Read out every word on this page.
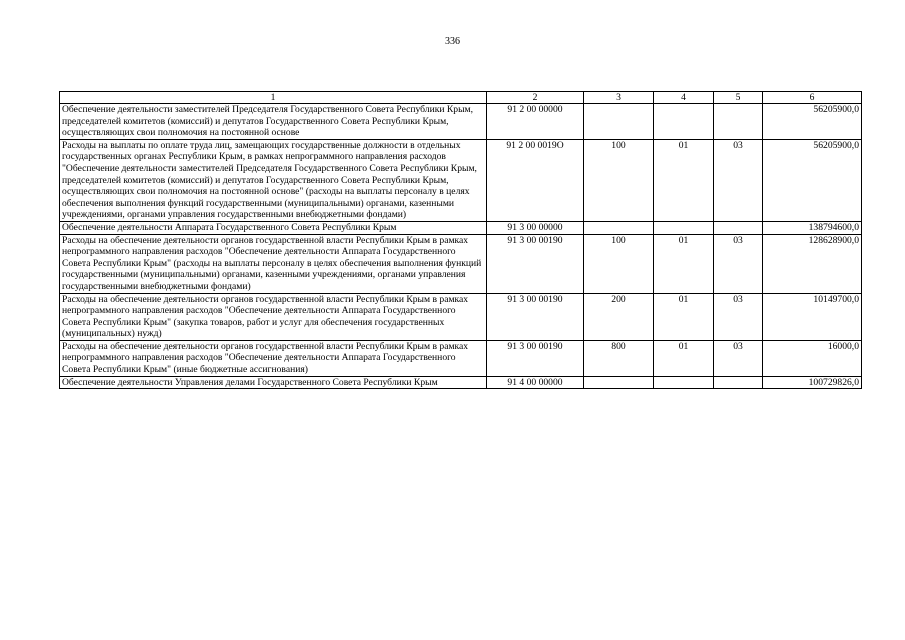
336
1	2	3	4	5	6
Обеспечение деятельности заместителей Председателя Государственного Совета Республики Крым, председателей комитетов (комиссий) и депутатов Государственного Совета Республики Крым, осуществляющих свои полномочия на постоянной основе	91 2 00 00000				56205900,0
Расходы на выплаты по оплате труда лиц, замещающих государственные должности в отдельных государственных органах Республики Крым, в рамках непрограммного направления расходов "Обеспечение деятельности заместителей Председателя Государственного Совета Республики Крым, председателей комитетов (комиссий) и депутатов Государственного Совета Республики Крым, осуществляющих свои полномочия на постоянной основе" (расходы на выплаты персоналу в целях обеспечения выполнения функций государственными (муниципальными) органами, казенными учреждениями, органами управления государственными внебюджетными фондами)	91 2 00 0019O	100	01	03	56205900,0
Обеспечение деятельности Аппарата Государственного Совета Республики Крым	91 3 00 00000				138794600,0
Расходы на обеспечение деятельности органов государственной власти Республики Крым в рамках непрограммного направления расходов "Обеспечение деятельности Аппарата Государственного Совета Республики Крым" (расходы на выплаты персоналу в целях обеспечения выполнения функций государственными (муниципальными) органами, казенными учреждениями, органами управления государственными внебюджетными фондами)	91 3 00 00190	100	01	03	128628900,0
Расходы на обеспечение деятельности органов государственной власти Республики Крым в рамках непрограммного направления расходов "Обеспечение деятельности Аппарата Государственного Совета Республики Крым" (закупка товаров, работ и услуг для обеспечения государственных (муниципальных) нужд)	91 3 00 00190	200	01	03	10149700,0
Расходы на обеспечение деятельности органов государственной власти Республики Крым в рамках непрограммного направления расходов "Обеспечение деятельности Аппарата Государственного Совета Республики Крым" (иные бюджетные ассигнования)	91 3 00 00190	800	01	03	16000,0
Обеспечение деятельности Управления делами Государственного Совета Республики Крым	91 4 00 00000				100729826,0
